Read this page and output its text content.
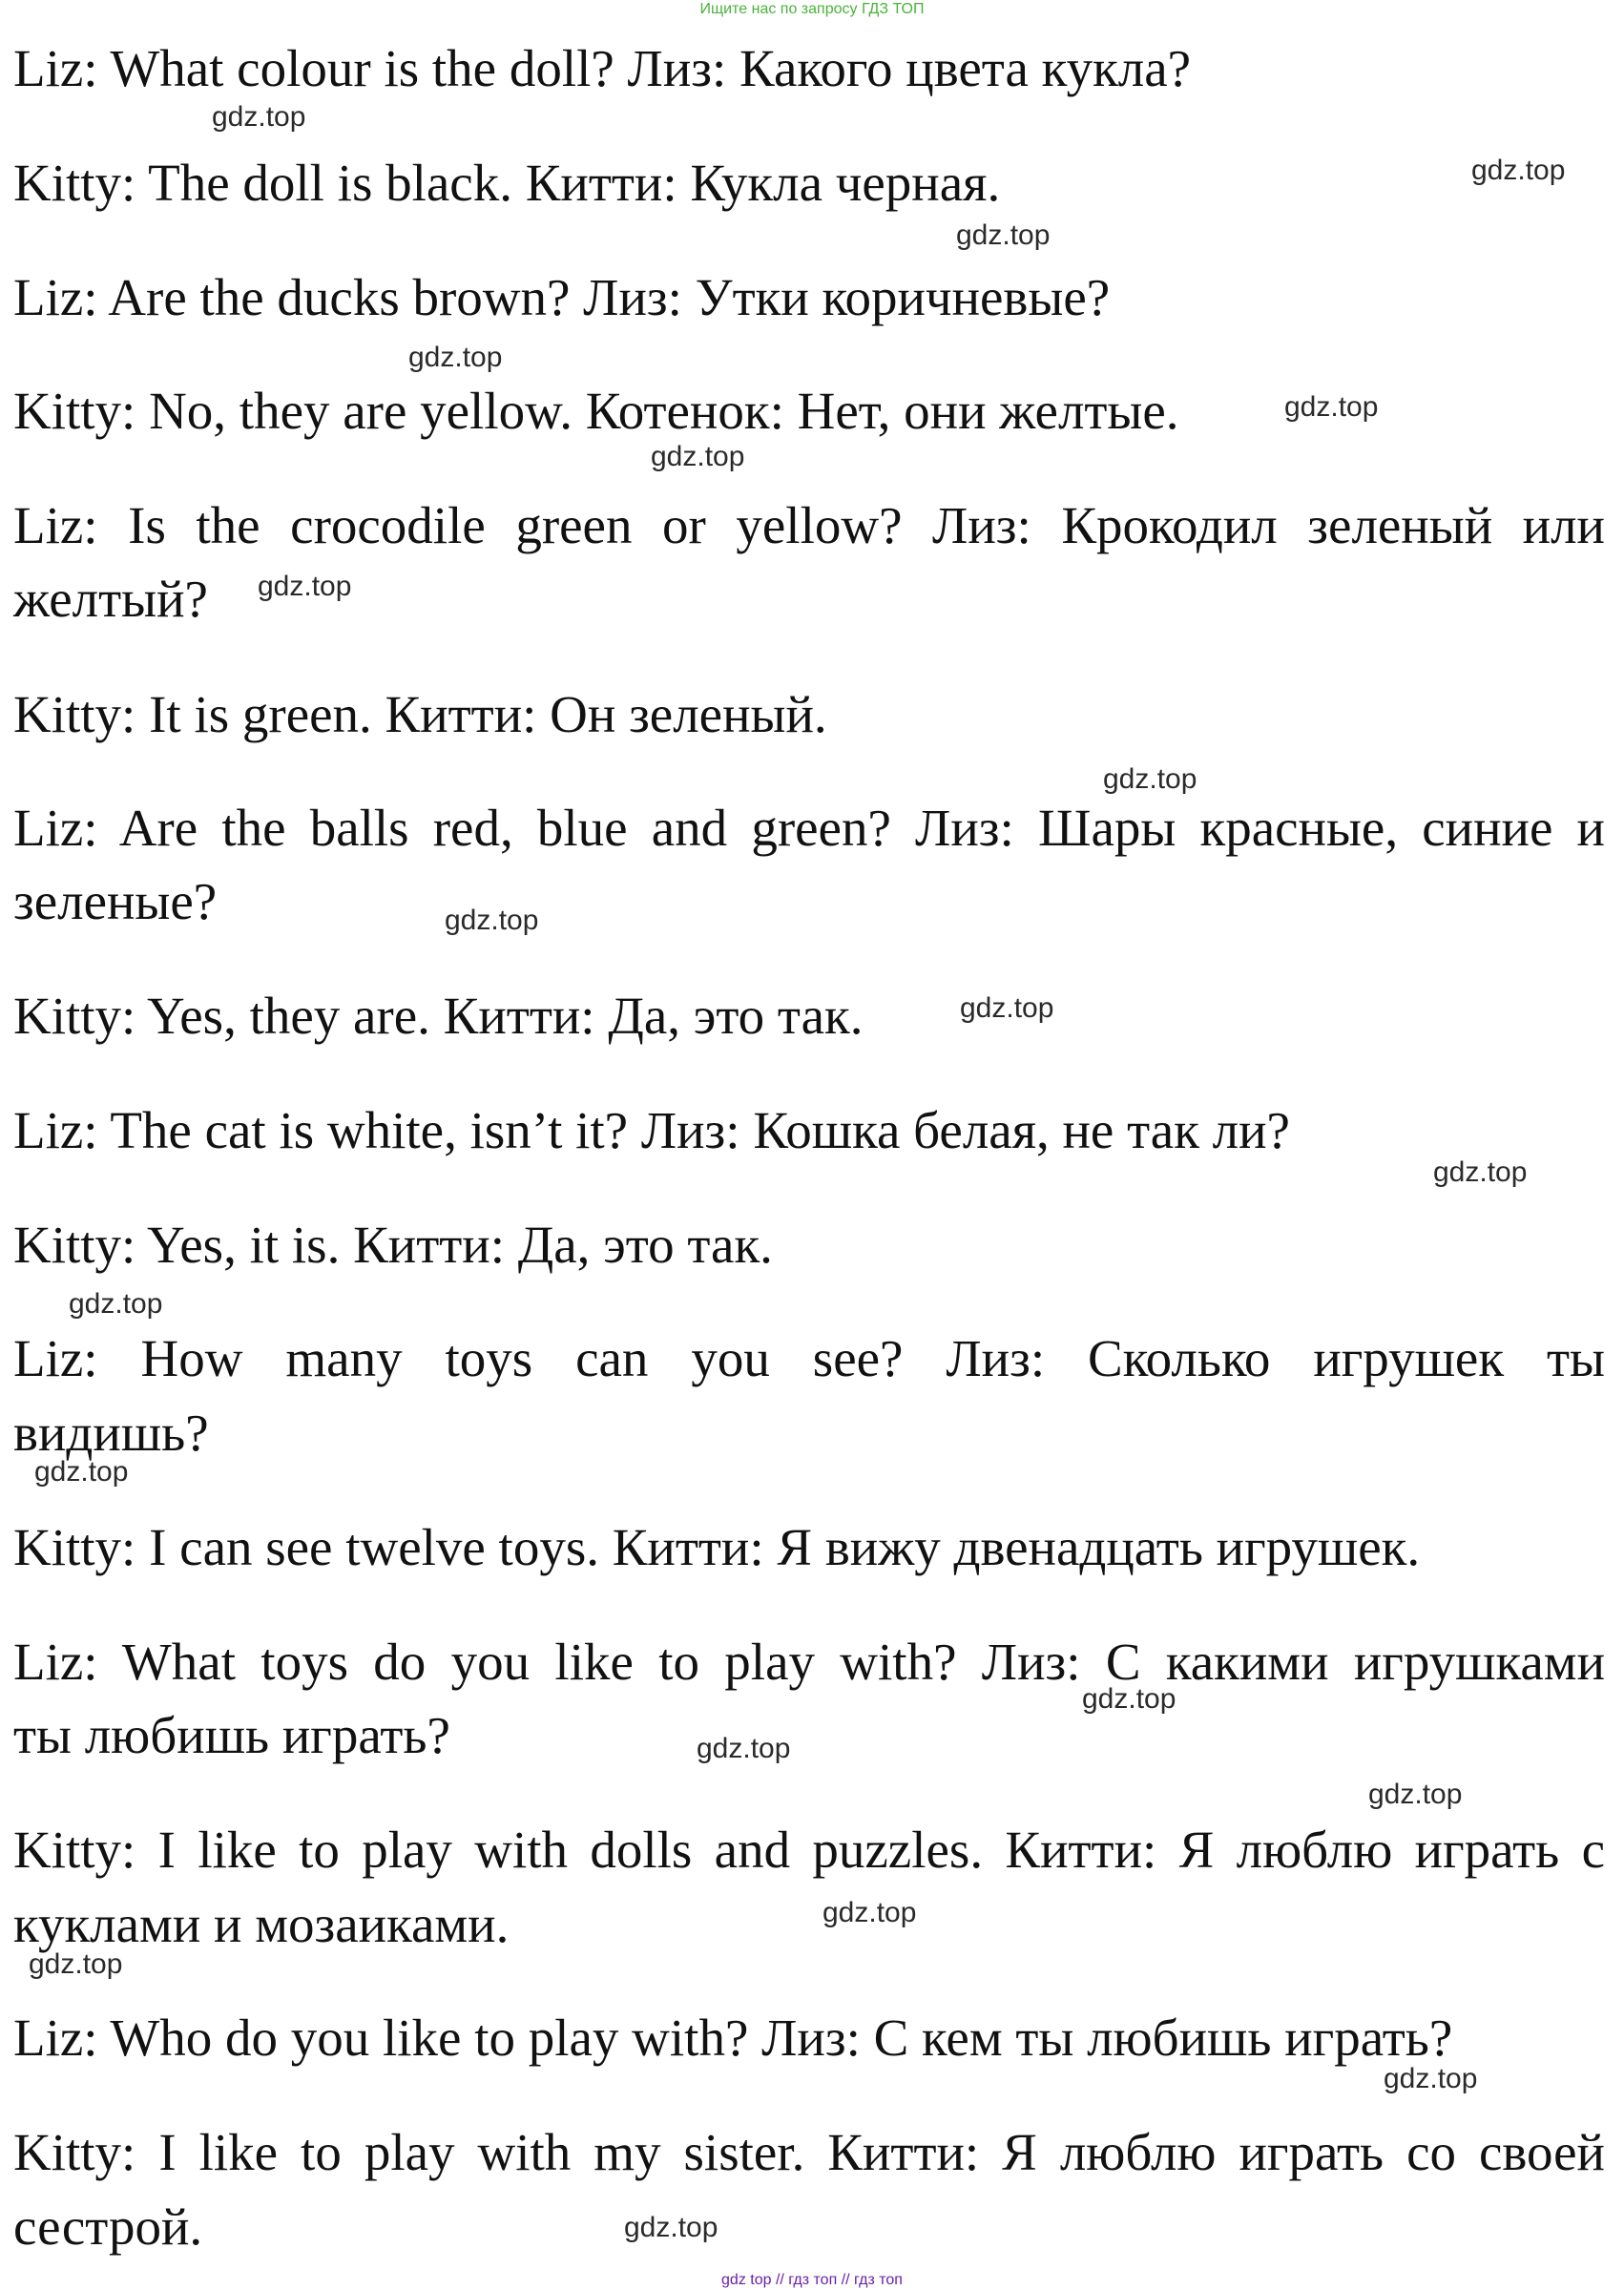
Ищите нас по запросу ГДЗ ТОП
Liz: What colour is the doll? Лиз: Какого цвета кукла?
Kitty: The doll is black. Китти: Кукла черная.
Liz: Are the ducks brown? Лиз: Утки коричневые?
Kitty: No, they are yellow. Котенок: Нет, они желтые.
Liz: Is the crocodile green or yellow? Лиз: Крокодил зеленый или
желтый?
Kitty: It is green. Китти: Он зеленый.
Liz: Are the balls red, blue and green? Лиз: Шары красные, синие и
зеленые?
Kitty: Yes, they are. Китти: Да, это так.
Liz: The cat is white, isn’t it? Лиз: Кошка белая, не так ли?
Kitty: Yes, it is. Китти: Да, это так.
Liz: How many toys can you see? Лиз: Сколько игрушек ты
видишь?
Kitty: I can see twelve toys. Китти: Я вижу двенадцать игрушек.
Liz: What toys do you like to play with? Лиз: С какими игрушками
ты любишь играть?
Kitty: I like to play with dolls and puzzles. Китти: Я люблю играть с
куклами и мозаиками.
Liz: Who do you like to play with? Лиз: С кем ты любишь играть?
Kitty: I like to play with my sister. Китти: Я люблю играть со своей
сестрой.
gdz.top
gdz.top
gdz.top
gdz.top
gdz.top
gdz.top
gdz.top
gdz.top
gdz.top
gdz.top
gdz.top
gdz.top
gdz.top
gdz.top
gdz.top
gdz.top
gdz.top
gdz.top
gdz.top
gdz.top
gdz top // гдз топ // гдз топ
